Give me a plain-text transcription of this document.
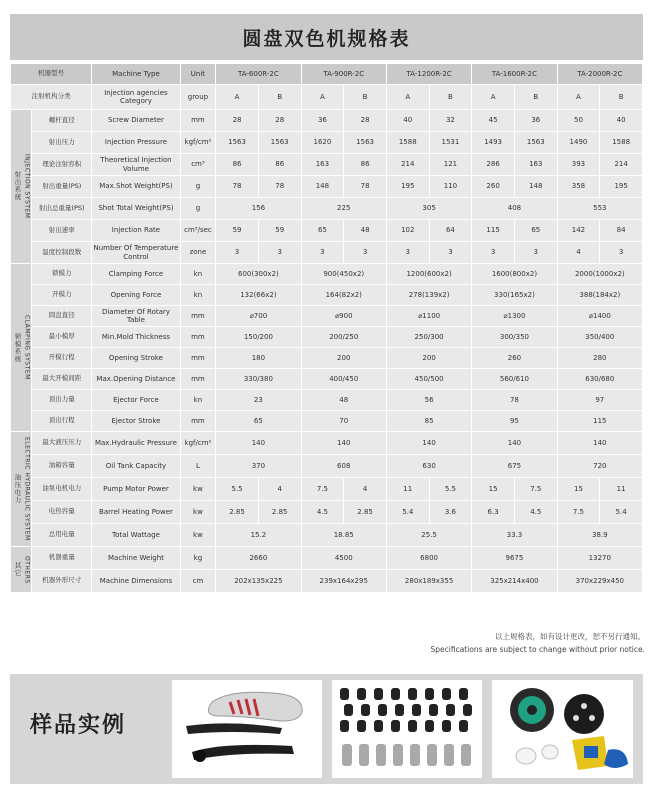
圆盘双色机规格表
机器型号		Machine Type	Unit	TA-600R-2C		TA-900R-2C		TA-1200R-2C		TA-1600R-2C		TA-2000R-2C	
注射机构分类		Injection agencies Category	group	A	B	A	B	A	B	A	B	A	B

射出系统 INJECTION SYSTEM	螺杆直径	Screw Diameter	mm	28	28	36	28	40	32	45	36	50	40
	射出压力	Injection Pressure	kgf/cm²	1563	1563	1620	1563	1588	1531	1493	1563	1490	1588
	理论注射容积	Theoretical Injection Volume	cm³	86	86	163	86	214	121	286	163	393	214
	射出重量(PS)	Max.Shot Weight(PS)	g	78	78	148	78	195	110	260	148	358	195
	射出总重量(PS)	Shot Total Weight(PS)	g	156		225		305		408		553	
	射出速率	Injection Rate	cm³/sec	59	59	65	48	102	64	115	65	142	84
	温度控制段数	Number Of Temperature Control	zone	3	3	3	3	3	3	3	3	4	3

锁模系统 CLAMPING SYSTEM	锁模力	Clamping Force	kn	600(300x2)		900(450x2)		1200(600x2)		1600(800x2)		2000(1000x2)	
	开模力	Opening Force	kn	132(66x2)		164(82x2)		278(139x2)		330(165x2)		388(184x2)	
	圆盘直径	Diameter Of Rotary Table	mm	⌀700		⌀900		⌀1100		⌀1300		⌀1400	
	最小模厚	Min.Mold Thickness	mm	150/200		200/250		250/300		300/350		350/400	
	开模行程	Opening Stroke	mm	180		200		200		260		280	
	最大开模间距	Max.Opening Distance	mm	330/380		400/450		450/500		560/610		630/680	
	顶出力量	Ejector Force	kn	23		48		56		78		97	
	顶出行程	Ejector Stroke	mm	65		70		85		95		115	

油压电力 ELECTRIC HYDRAULIC SYSTEM	最大液压压力	Max.Hydraulic Pressure	kgf/cm²	140		140		140		140		140	
	油箱容量	Oil Tank Capacity	L	370		608		630		675		720	
	油泵电机电力	Pump Motor Power	kw	5.5	4	7.5	4	11	5.5	15	7.5	15	11
	电热容量	Barrel Heating Power	kw	2.85	2.85	4.5	2.85	5.4	3.6	6.3	4.5	7.5	5.4
	总用电量	Total Wattage	kw	15.2		18.85		25.5		33.3		38.9	

其它 OTHERS	机器重量	Machine Weight	kg	2660		4500		6800		9675		13270	
	机器外形尺寸	Machine Dimensions	cm	202x135x225		239x164x295		280x189x355		325x214x400		370x229x450	
以上规格表，如有设计更改，恕不另行通知。
Specifications are subject to change without prior notice.
样品实例
